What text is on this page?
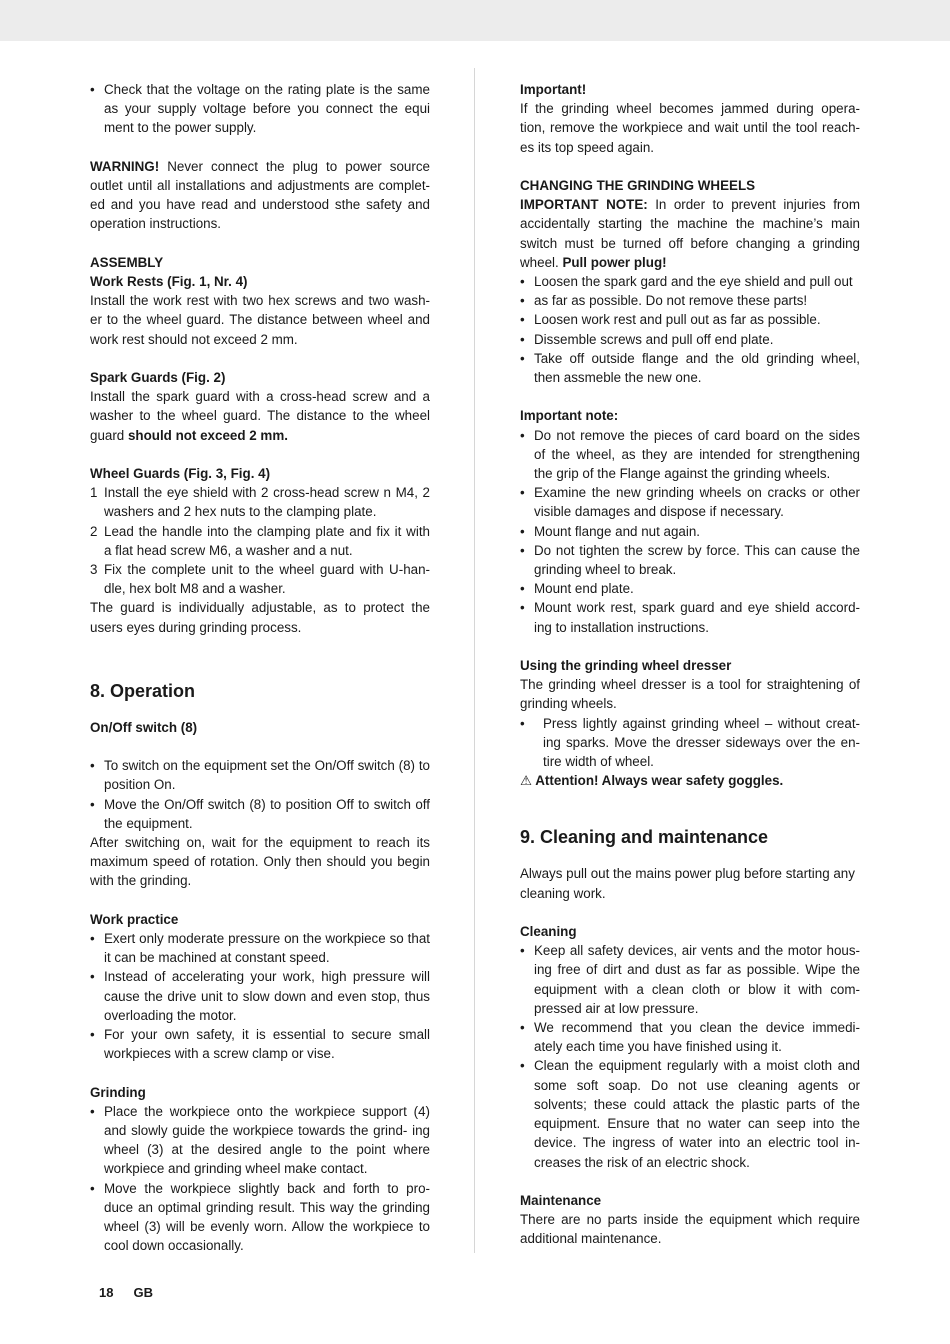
• Check that the voltage on the rating plate is the same as your supply voltage before you connect the equi ment to the power supply.

WARNING! Never connect the plug to power source outlet until all installations and adjustments are complet- ed and you have read and understood sthe safety and operation instructions.

ASSEMBLY

Work Rests (Fig. 1, Nr. 4)

Install the work rest with two hex screws and two wash- er to the wheel guard. The distance between wheel and work rest should not exceed 2 mm.

Spark Guards (Fig. 2)

Install the spark guard with a cross-head screw and a washer to the wheel guard. The distance to the wheel guard should not exceed 2 mm.

Wheel Guards (Fig. 3, Fig. 4)

1 Install the eye shield with 2 cross-head screw n M4, 2 washers and 2 hex nuts to the clamping plate.
2 Lead the handle into the clamping plate and fix it with a flat head screw M6, a washer and a nut.
3 Fix the complete unit to the wheel guard with U-han- dle, hex bolt M8 and a washer.

The guard is individually adjustable, as to protect the users eyes during grinding process.

8. Operation

On/Off switch (8)

• To switch on the equipment set the On/Off switch (8) to position On.
• Move the On/Off switch (8) to position Off to switch off the equipment.

After switching on, wait for the equipment to reach its maximum speed of rotation. Only then should you begin with the grinding.

Work practice

• Exert only moderate pressure on the workpiece so that it can be machined at constant speed.
• Instead of accelerating your work, high pressure will cause the drive unit to slow down and even stop, thus overloading the motor.
• For your own safety, it is essential to secure small workpieces with a screw clamp or vise.

Grinding

• Place the workpiece onto the workpiece support (4) and slowly guide the workpiece towards the grind- ing wheel (3) at the desired angle to the point where workpiece and grinding wheel make contact.
• Move the workpiece slightly back and forth to pro- duce an optimal grinding result. This way the grinding wheel (3) will be evenly worn. Allow the workpiece to cool down occasionally.

Important!

If the grinding wheel becomes jammed during opera- tion, remove the workpiece and wait until the tool reach- es its top speed again.

CHANGING THE GRINDING WHEELS

IMPORTANT NOTE: In order to prevent injuries from accidentally starting the machine the machine’s main switch must be turned off before changing a grinding wheel. Pull power plug!

• Loosen the spark gard and the eye shield and pull out
• as far as possible. Do not remove these parts!
• Loosen work rest and pull out as far as possible.
• Dissemble screws and pull off end plate.
• Take off outside flange and the old grinding wheel, then assmeble the new one.

Important note:

• Do not remove the pieces of card board on the sides of the wheel, as they are intended for strengthening the grip of the Flange against the grinding wheels.
• Examine the new grinding wheels on cracks or other visible damages and dispose if necessary.
• Mount flange and nut again.
• Do not tighten the screw by force. This can cause the grinding wheel to break.
• Mount end plate.
• Mount work rest, spark guard and eye shield accord- ing to installation instructions.

Using the grinding wheel dresser

The grinding wheel dresser is a tool for straightening of grinding wheels.

• Press lightly against grinding wheel – without creat- ing sparks. Move the dresser sideways over the en- tire width of wheel.

⚠ Attention! Always wear safety goggles.

9. Cleaning and maintenance

Always pull out the mains power plug before starting any cleaning work.

Cleaning

• Keep all safety devices, air vents and the motor hous- ing free of dirt and dust as far as possible. Wipe the equipment with a clean cloth or blow it with com- pressed air at low pressure.
• We recommend that you clean the device immedi- ately each time you have finished using it.
• Clean the equipment regularly with a moist cloth and some soft soap. Do not use cleaning agents or solvents; these could attack the plastic parts of the equipment. Ensure that no water can seep into the device. The ingress of water into an electric tool in- creases the risk of an electric shock.

Maintenance

There are no parts inside the equipment which require additional maintenance.

18 GB
